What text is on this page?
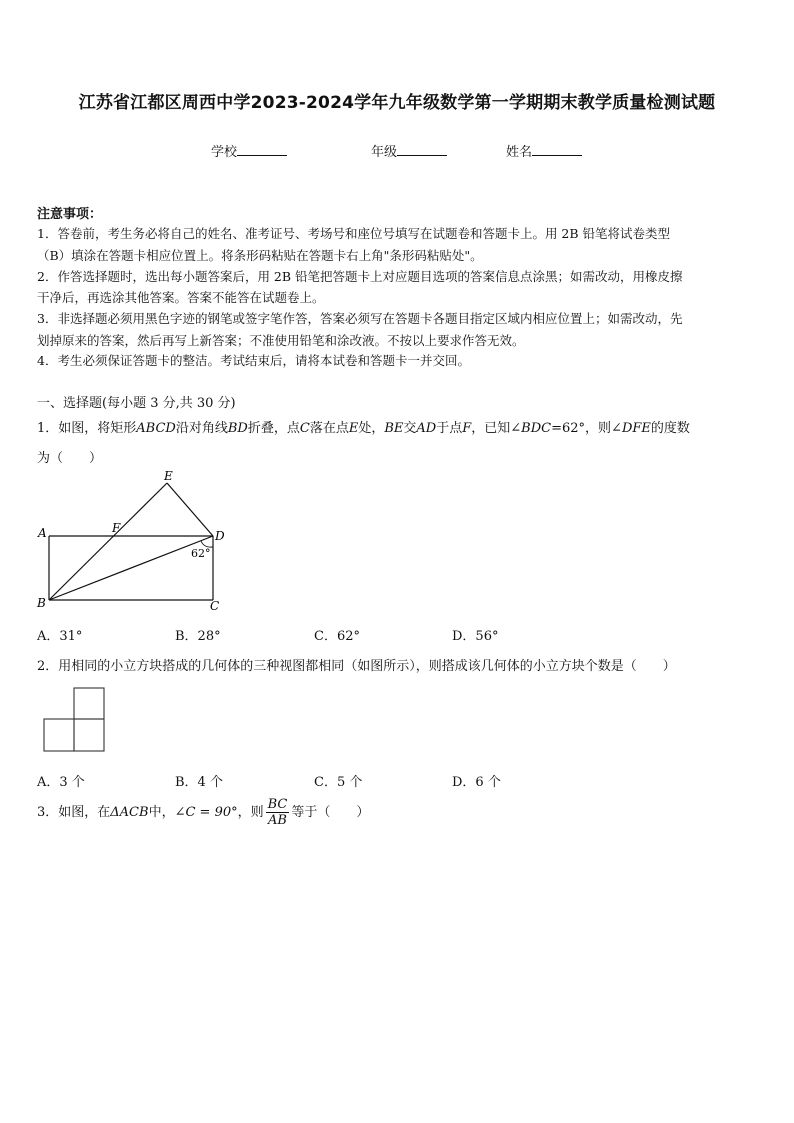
江苏省江都区周西中学2023-2024学年九年级数学第一学期期末教学质量检测试题
学校	年级	姓名
注意事项：
1．答卷前，考生务必将自己的姓名、准考证号、考场号和座位号填写在试题卷和答题卡上。用 2B 铅笔将试卷类型
（B）填涂在答题卡相应位置上。将条形码粘贴在答题卡右上角"条形码粘贴处"。
2．作答选择题时，选出每小题答案后，用 2B 铅笔把答题卡上对应题目选项的答案信息点涂黑；如需改动，用橡皮擦
干净后，再选涂其他答案。答案不能答在试题卷上。
3．非选择题必须用黑色字迹的钢笔或签字笔作答，答案必须写在答题卡各题目指定区域内相应位置上；如需改动，先
划掉原来的答案，然后再写上新答案；不准使用铅笔和涂改液。不按以上要求作答无效。
4．考生必须保证答题卡的整洁。考试结束后，请将本试卷和答题卡一并交回。
一、选择题(每小题 3 分,共 30 分)
1．如图，将矩形ABCD沿对角线BD折叠，点C落在点E处，BE交AD于点F，已知∠BDC=62°，则∠DFE的度数
为（　　）
A
B	C
D
E
F
62°
A．31°	B．28°	C．62°	D．56°
2．用相同的小立方块搭成的几何体的三种视图都相同（如图所示），则搭成该几何体的小立方块个数是（　　）
A．3 个	B．4 个	C．5 个	D．6 个
3．如图，在ΔACB中，∠C = 90°，则 $\frac{BC}{AB}$ 等于（　　）
